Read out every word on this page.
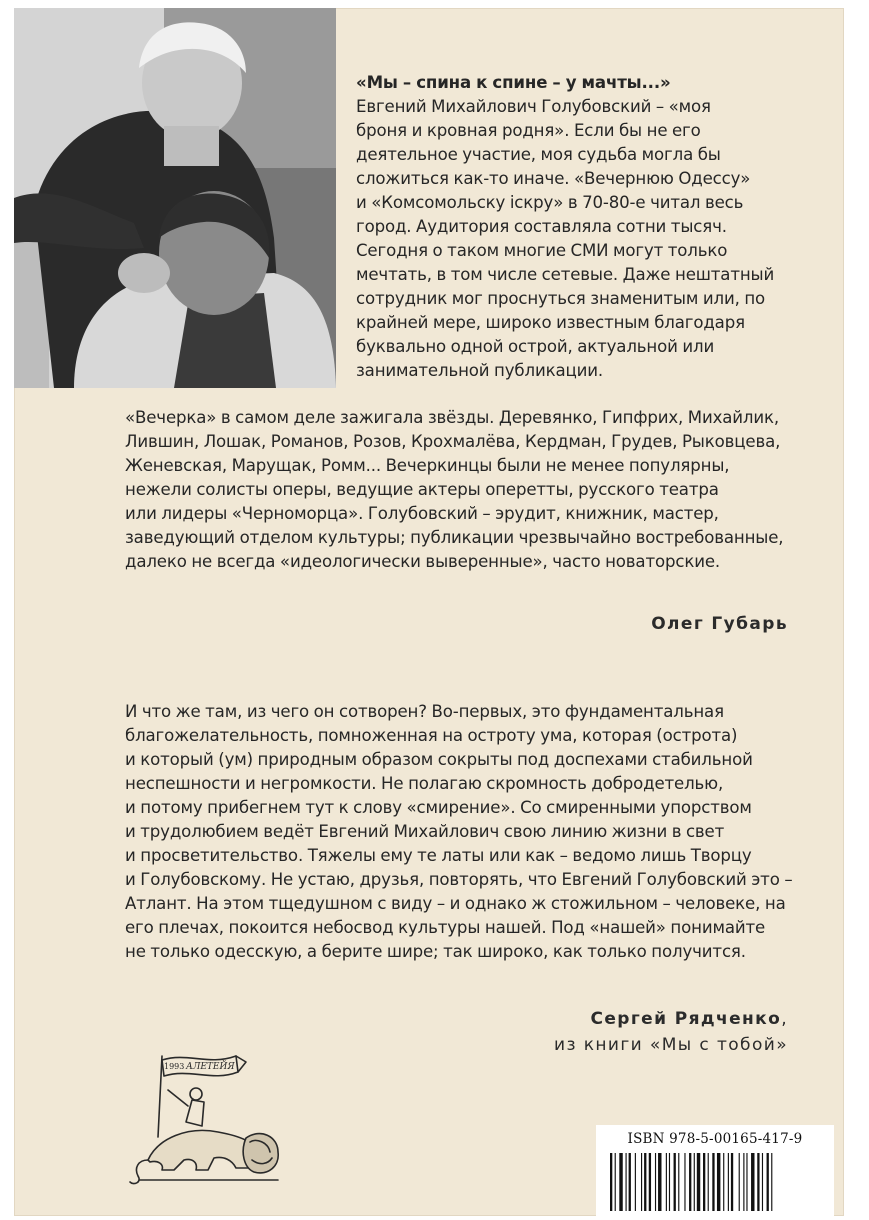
«Мы – спина к спине – у мачты...»

Евгений Михайлович Голубовский – «моя

броня и кровная родня». Если бы не его

деятельное участие, моя судьба могла бы

сложиться как-то иначе. «Вечернюю Одессу»

и «Комсомольску iскру» в 70-80-е читал весь

город. Аудитория составляла сотни тысяч.

Сегодня о таком многие СМИ могут только

мечтать, в том числе сетевые. Даже нештатный

сотрудник мог проснуться знаменитым или, по

крайней мере, широко известным благодаря

буквально одной острой, актуальной или

занимательной публикации.

«Вечерка» в самом деле зажигала звёзды. Деревянко, Гипфрих, Михайлик,
Лившин, Лошак, Романов, Розов, Крохмалёва, Кердман, Грудев, Рыковцева,
Женевская, Марущак, Ромм... Вечеркинцы были не менее популярны,
нежели солисты оперы, ведущие актеры оперетты, русского театра
или лидеры «Черноморца». Голубовский – эрудит, книжник, мастер,
заведующий отделом культуры; публикации чрезвычайно востребованные,
далеко не всегда «идеологически выверенные», часто новаторские.
Олег Губарь
И что же там, из чего он сотворен? Во-первых, это фундаментальная
благожелательность, помноженная на остроту ума, которая (острота)
и который (ум) природным образом сокрыты под доспехами стабильной
неспешности и негромкости. Не полагаю скромность добродетелью,
и потому прибегнем тут к слову «смирение». Со смиренными упорством
и трудолюбием ведёт Евгений Михайлович свою линию жизни в свет
и просветительство. Тяжелы ему те латы или как – ведомо лишь Творцу
и Голубовскому. Не устаю, друзья, повторять, что Евгений Голубовский это –
Атлант. На этом тщедушном с виду – и однако ж стожильном – человеке, на
его плечах, покоится небосвод культуры нашей. Под «нашей» понимайте
не только одесскую, а берите шире; так широко, как только получится.
Сергей Рядченко,
из книги «Мы с тобой»
1993 АЛЕТЕЙЯ
ISBN 978-5-00165-417-9
